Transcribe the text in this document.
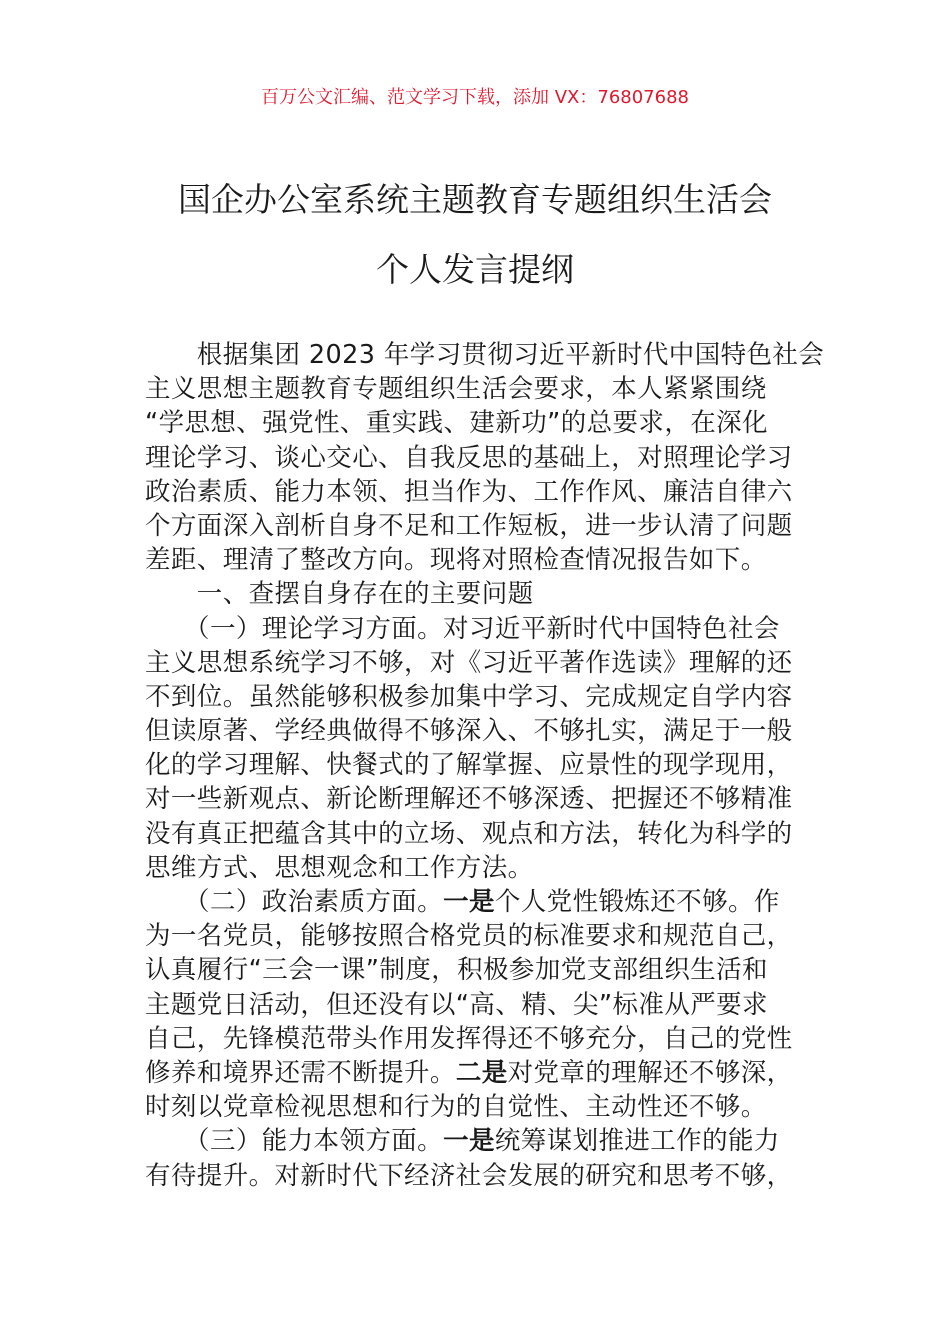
百万公文汇编、范文学习下载，添加 VX：76807688
国企办公室系统主题教育专题组织生活会
个人发言提纲
　　根据集团 2023 年学习贯彻习近平新时代中国特色社会
主义思想主题教育专题组织生活会要求，本人紧紧围绕
“学思想、强党性、重实践、建新功”的总要求，在深化
理论学习、谈心交心、自我反思的基础上，对照理论学习
政治素质、能力本领、担当作为、工作作风、廉洁自律六
个方面深入剖析自身不足和工作短板，进一步认清了问题
差距、理清了整改方向。现将对照检查情况报告如下。
　　一、查摆自身存在的主要问题
　　（一）理论学习方面。对习近平新时代中国特色社会
主义思想系统学习不够，对《习近平著作选读》理解的还
不到位。虽然能够积极参加集中学习、完成规定自学内容
但读原著、学经典做得不够深入、不够扎实，满足于一般
化的学习理解、快餐式的了解掌握、应景性的现学现用，
对一些新观点、新论断理解还不够深透、把握还不够精准
没有真正把蕴含其中的立场、观点和方法，转化为科学的
思维方式、思想观念和工作方法。
　　（二）政治素质方面。一是个人党性锻炼还不够。作
为一名党员，能够按照合格党员的标准要求和规范自己，
认真履行“三会一课”制度，积极参加党支部组织生活和
主题党日活动，但还没有以“高、精、尖”标准从严要求
自己，先锋模范带头作用发挥得还不够充分，自己的党性
修养和境界还需不断提升。二是对党章的理解还不够深，
时刻以党章检视思想和行为的自觉性、主动性还不够。
　　（三）能力本领方面。一是统筹谋划推进工作的能力
有待提升。对新时代下经济社会发展的研究和思考不够，
